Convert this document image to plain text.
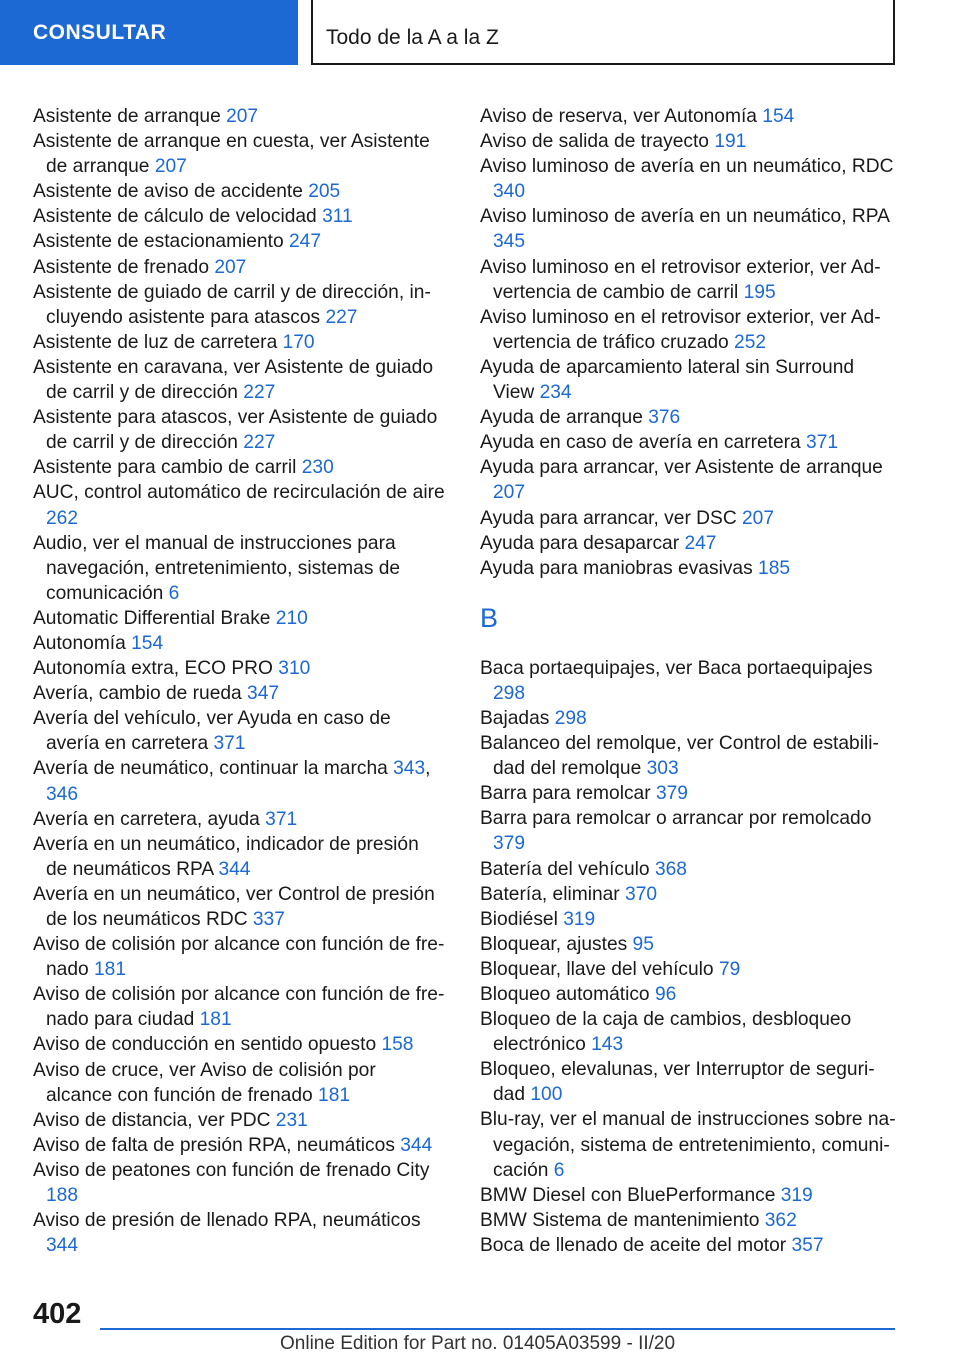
CONSULTAR	Todo de la A a la Z

Asistente de arranque 207

Asistente de arranque en cuesta, ver Asistente de arranque 207

Asistente de aviso de accidente 205

Asistente de cálculo de velocidad 311

Asistente de estacionamiento 247

Asistente de frenado 207

Asistente de guiado de carril y de dirección, incluyendo asistente para atascos 227

Asistente de luz de carretera 170

Asistente en caravana, ver Asistente de guiado de carril y de dirección 227

Asistente para atascos, ver Asistente de guiado de carril y de dirección 227

Asistente para cambio de carril 230

AUC, control automático de recirculación de aire 262

Audio, ver el manual de instrucciones para navegación, entretenimiento, sistemas de comunicación 6

Automatic Differential Brake 210

Autonomía 154

Autonomía extra, ECO PRO 310

Avería, cambio de rueda 347

Avería del vehículo, ver Ayuda en caso de avería en carretera 371

Avería de neumático, continuar la marcha 343, 346

Avería en carretera, ayuda 371

Avería en un neumático, indicador de presión de neumáticos RPA 344

Avería en un neumático, ver Control de presión de los neumáticos RDC 337

Aviso de colisión por alcance con función de frenado 181

Aviso de colisión por alcance con función de frenado para ciudad 181

Aviso de conducción en sentido opuesto 158

Aviso de cruce, ver Aviso de colisión por alcance con función de frenado 181

Aviso de distancia, ver PDC 231

Aviso de falta de presión RPA, neumáticos 344

Aviso de peatones con función de frenado City 188

Aviso de presión de llenado RPA, neumáticos 344

Aviso de reserva, ver Autonomía 154

Aviso de salida de trayecto 191

Aviso luminoso de avería en un neumático, RDC 340

Aviso luminoso de avería en un neumático, RPA 345

Aviso luminoso en el retrovisor exterior, ver Advertencia de cambio de carril 195

Aviso luminoso en el retrovisor exterior, ver Advertencia de tráfico cruzado 252

Ayuda de aparcamiento lateral sin Surround View 234

Ayuda de arranque 376

Ayuda en caso de avería en carretera 371

Ayuda para arrancar, ver Asistente de arranque 207

Ayuda para arrancar, ver DSC 207

Ayuda para desaparcar 247

Ayuda para maniobras evasivas 185

B

Baca portaequipajes, ver Baca portaequipajes 298

Bajadas 298

Balanceo del remolque, ver Control de estabilidad del remolque 303

Barra para remolcar 379

Barra para remolcar o arrancar por remolcado 379

Batería del vehículo 368

Batería, eliminar 370

Biodiésel 319

Bloquear, ajustes 95

Bloquear, llave del vehículo 79

Bloqueo automático 96

Bloqueo de la caja de cambios, desbloqueo electrónico 143

Bloqueo, elevalunas, ver Interruptor de seguridad 100

Blu-ray, ver el manual de instrucciones sobre navegación, sistema de entretenimiento, comunicación 6

BMW Diesel con BluePerformance 319

BMW Sistema de mantenimiento 362

Boca de llenado de aceite del motor 357

402
Online Edition for Part no. 01405A03599 - II/20
